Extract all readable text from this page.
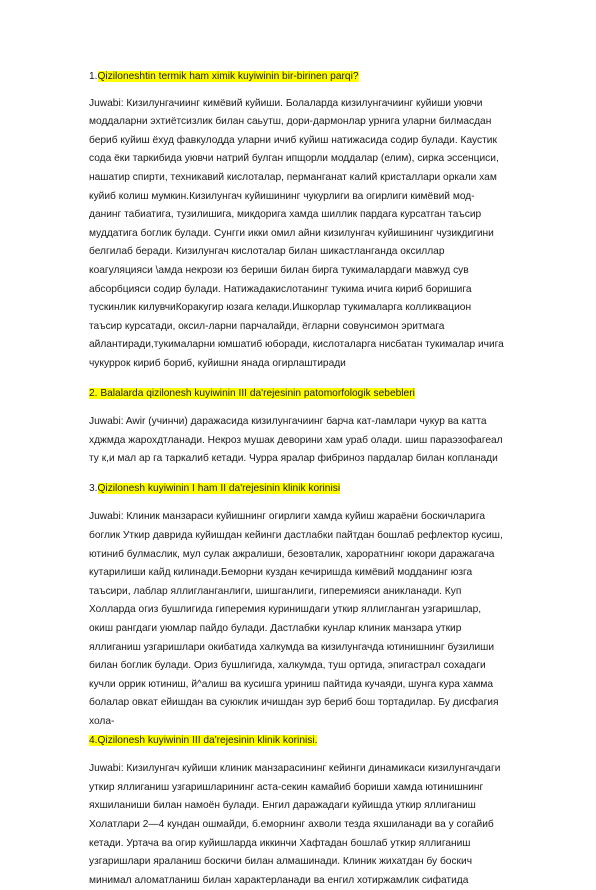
1.Qiziloneshtin termik ham ximik kuyiwinin bir-birinen parqi?

Juwabi: Кизилунгачиинг кимёвий куйиши. Болаларда кизилунгачиинг куйиши уювчи
моддаларни эхтиётсизлик билан саьутш, дори-дармонлар урнига уларни билмасдан
бериб куйиш ёхуд фавкулодда уларни ичиб куйиш натижасида содир булади. Каустик
сода ёки таркибида уювчи натрий булган ипщорли моддалар (елим), сирка эссенциси,
нашатир спирти, техникавий кислоталар, перманганат калий кристаллари оркали хам
куйиб колиш мумкин.Кизилунгач куйишининг чукурлиги ва огирлиги кимёвий мод-
данинг табиатига, тузилишига, микдорига хамда шиллик пардага курсатган таъсир
муддатига боглик булади. Сунгги икки омил айни кизилунгач куйишининг чузикдигини
белгилаб беради. Кизилунгач кислоталар билан шикастланганда оксиллар
коагуляцияси \амда некрози юз бериши билан бирга тукималардаги мавжуд сув
абсорбцияси содир булади. Натижадакислотанинг тукима ичига кириб боришига
тускинлик килувчиКоракугир юзага келади.Ишкорлар тукималарга колликвацион
таъсир курсатади, оксил-ларни парчалайди, ёгларни совунсимон эритмага
айлантиради,тукималарни юмшатиб юборади, кислоталарга нисбатан тукималар ичига
чукуррок кириб бориб, куйишни янада огирлаштиради

2. Balalarda qizilonesh kuyiwinin III da'rejesinin patomorfologik sebebleri

Juwabi: Awir (учинчи) даражасида кизилунгачиинг барча кат-ламлари чукур ва катта
хджмда жарохдтланади. Некроз мушак деворини хам ураб олади. шиш параэзофагеал
ту к,и мал ар га таркалиб кетади. Чурра яралар фибриноз пардалар билан копланади

3.Qizilonesh kuyiwinin I ham II da'rejesinin klinik korinisi

Juwabi: Клиник манзараси куйишнинг огирлиги хамда куйиш жараёни боскичларига
боглик Уткир даврида куйишдан кейинги дастлабки пайтдан бошлаб рефлектор кусиш,
ютиниб булмаслик, мул сулак ажралиши, безовталик, хароратнинг юкори даражагача
кутарилиши кайд килинади.Беморни куздан кечиришда кимёвий модданинг юзга
таъсири, лаблар яллигланганлиги, шишганлиги, гиперемияси аникланади. Куп
Холларда огиз бушлигида гиперемия куринишдаги уткир яллигланган узгаришлар,
окиш рангдаги уюмлар пайдо булади. Дастлабки кунлар клиник манзара уткир
яллиганиш узгаришлари окибатида халкумда ва кизилунгачда ютинишнинг бузилиши
билан боглик булади. Ориз бушлигида, халкумда, туш ортида, эпигастрал сохадаги
кучли оррик ютиниш, й^алиш ва кусишга уриниш пайтида кучаяди, шунга кура хамма
болалар овкат ейишдан ва суюклик ичишдан зур бериб бош тортадилар. Бу дисфагия
хола-

4.Qizilonesh kuyiwinin III da'rejesinin klinik korinisi.

Juwabi: Кизилунгач куйиши клиник манзарасининг кейинги динамикаси кизилунгачдаги
уткир яллиганиш узгаришларининг аста-секин камайиб бориши хамда ютинишнинг
яхшиланиши билан намоён булади. Енгил даражадаги куйишда уткир яллиганиш
Холатлари 2—4 кундан ошмайди, б.еморнинг ахволи тезда яхшиланади ва у согайиб
кетади. Уртача ва огир куйишларда иккинчи Хафтадан бошлаб уткир яллиганиш
узгаришлари яраланиш боскичи билан алмашинади. Клиник жихатдан бу боскич
минимал аломатланиш билан характерланади ва енгил хотиржамлик сифатида
